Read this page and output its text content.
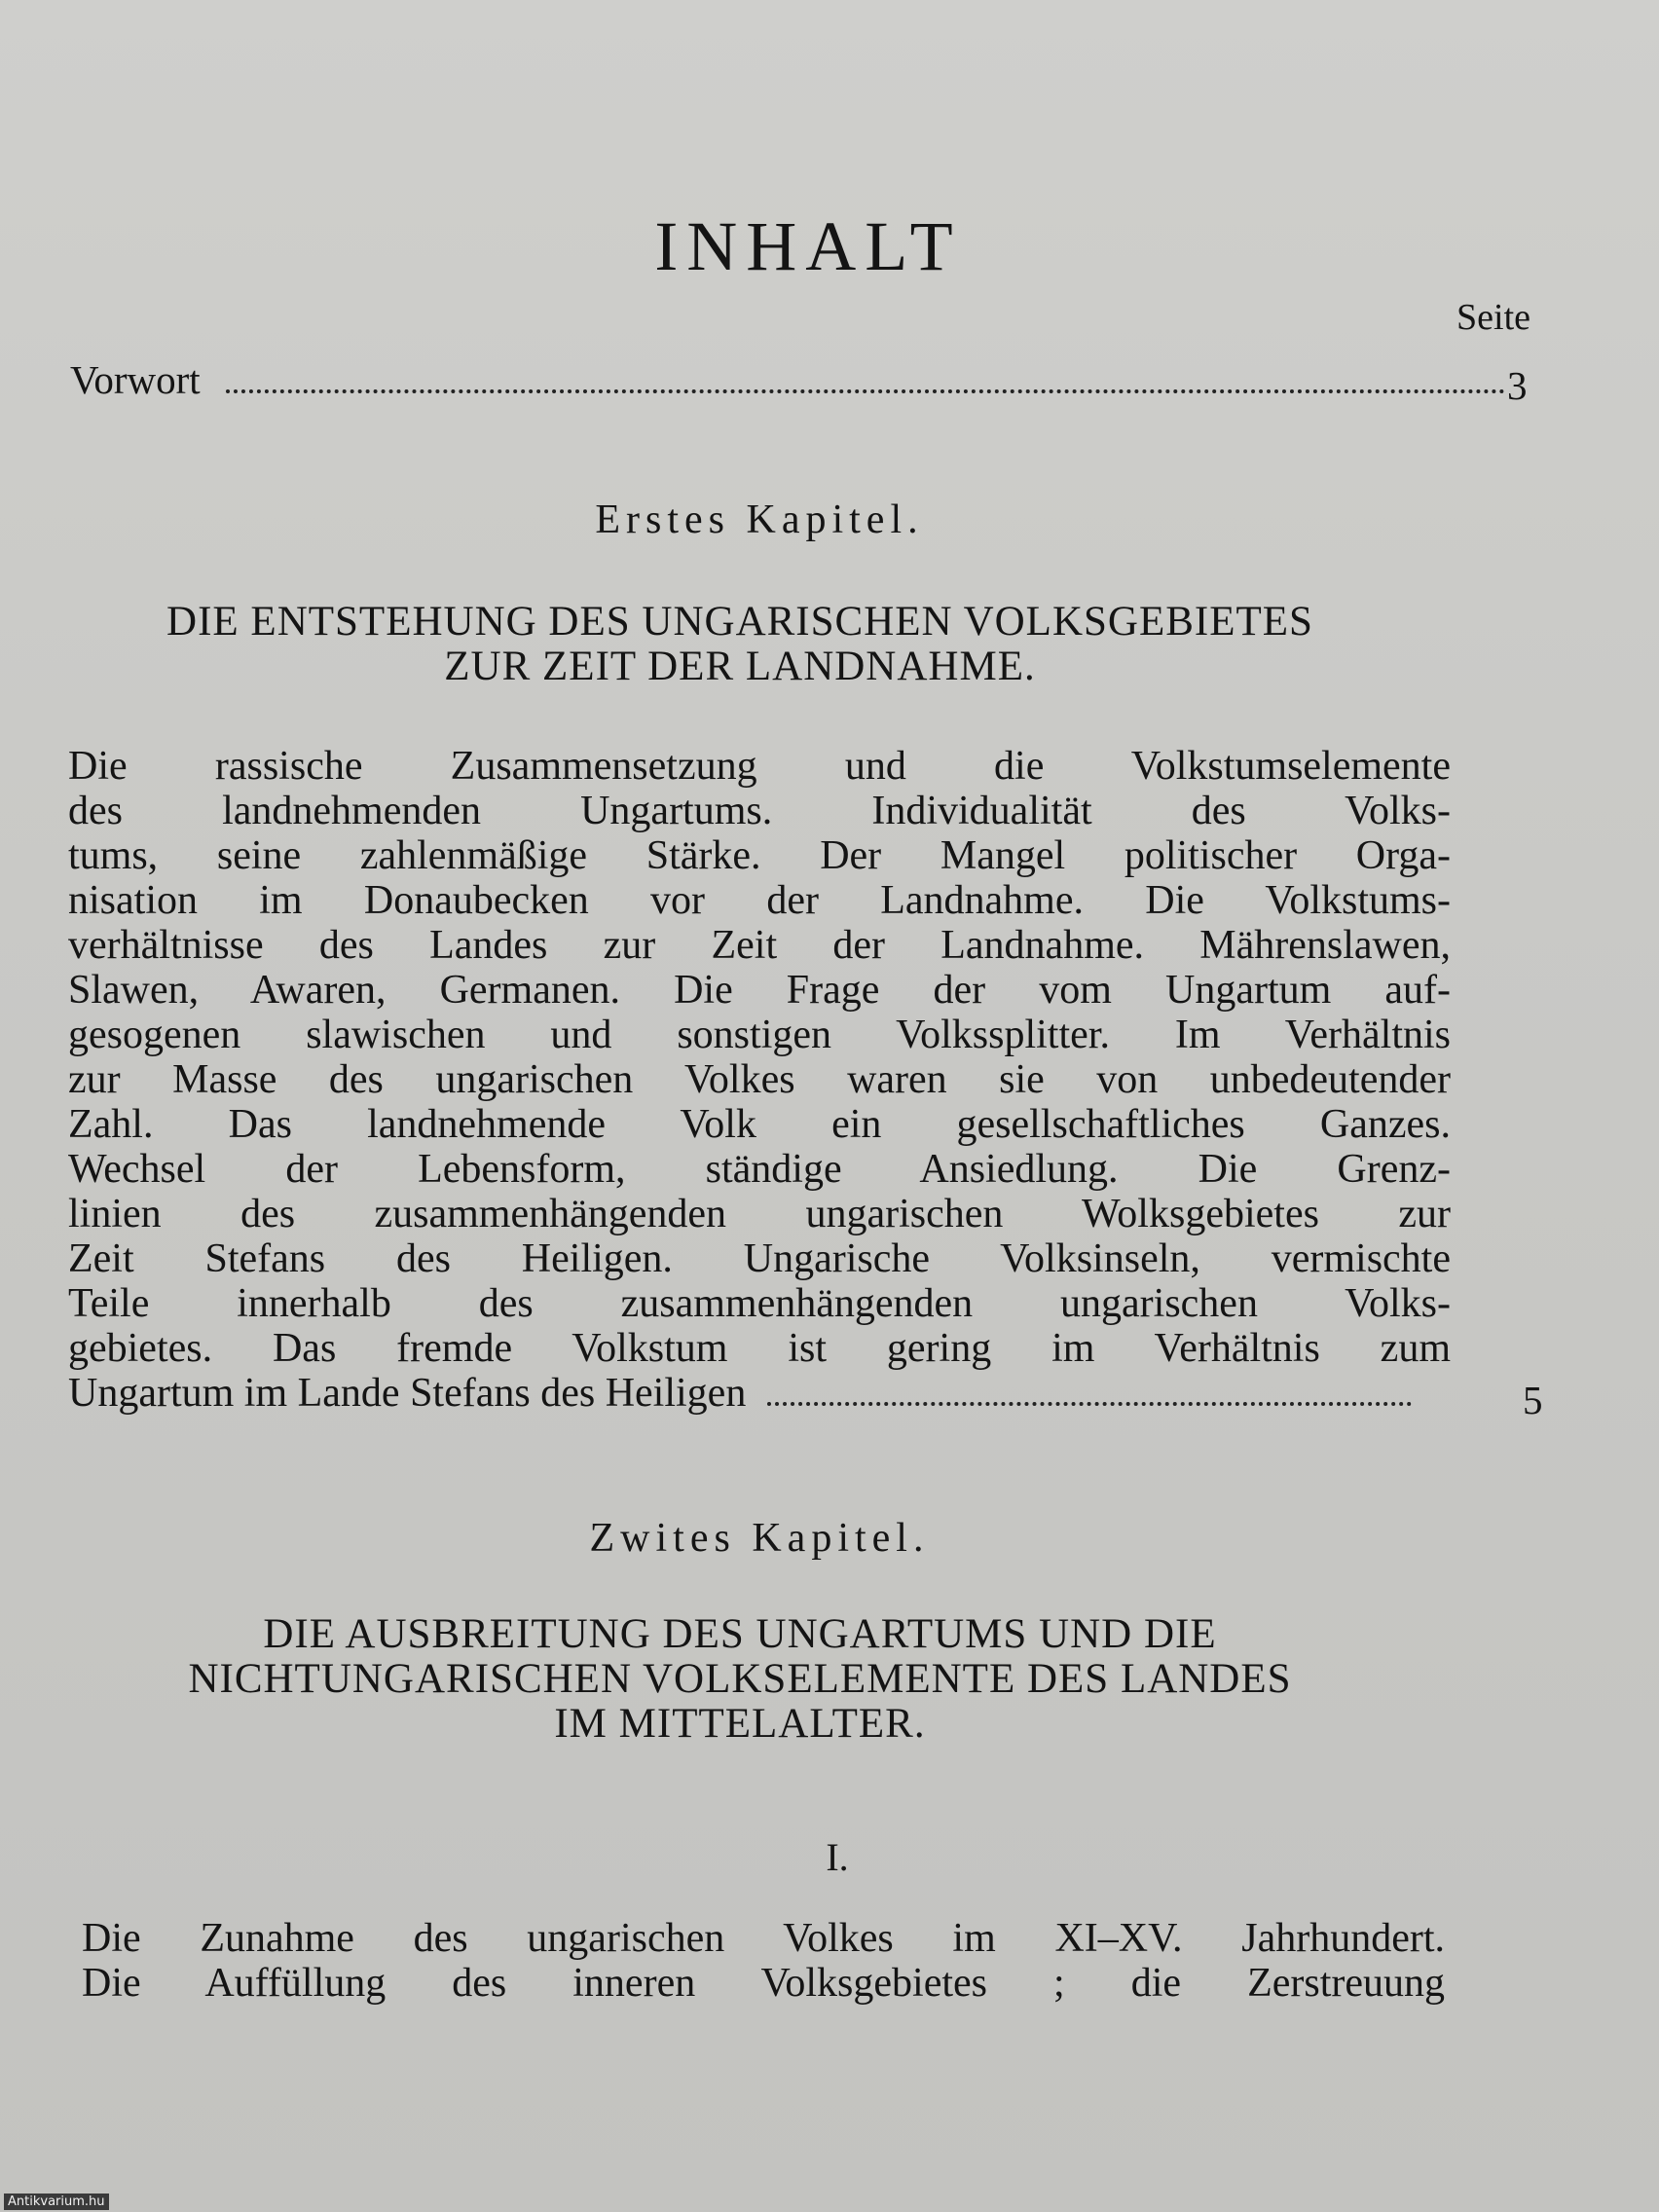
INHALT
Seite
Vorwort	3
Erstes Kapitel.
DIE ENTSTEHUNG DES UNGARISCHEN VOLKSGEBIETES
ZUR ZEIT DER LANDNAHME.
Die rassische Zusammensetzung und die Volkstumselemente
des landnehmenden Ungartums. Individualität des Volks-
tums, seine zahlenmäßige Stärke. Der Mangel politischer Orga-
nisation im Donaubecken vor der Landnahme. Die Volkstums-
verhältnisse des Landes zur Zeit der Landnahme. Mährenslawen,
Slawen, Awaren, Germanen. Die Frage der vom Ungartum auf-
gesogenen slawischen und sonstigen Volkssplitter. Im Verhältnis
zur Masse des ungarischen Volkes waren sie von unbedeutender
Zahl. Das landnehmende Volk ein gesellschaftliches Ganzes.
Wechsel der Lebensform, ständige Ansiedlung. Die Grenz-
linien des zusammenhängenden ungarischen Wolksgebietes zur
Zeit Stefans des Heiligen. Ungarische Volksinseln, vermischte
Teile innerhalb des zusammenhängenden ungarischen Volks-
gebietes. Das fremde Volkstum ist gering im Verhältnis zum
Ungartum im Lande Stefans des Heiligen	5
Zwites Kapitel.
DIE AUSBREITUNG DES UNGARTUMS UND DIE
NICHTUNGARISCHEN VOLKSELEMENTE DES LANDES
IM MITTELALTER.
I.
Die Zunahme des ungarischen Volkes im XI–XV. Jahrhundert.
Die Auffüllung des inneren Volksgebietes ; die Zerstreuung
Antikvarium.hu
